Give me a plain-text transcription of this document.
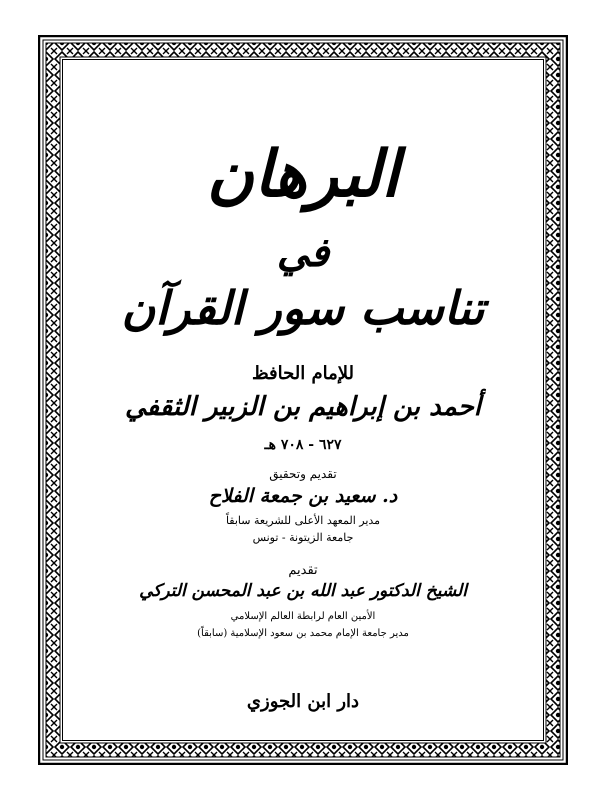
البرهان
في
تناسب سور القرآن
للإمام الحافظ
أحمد بن إبراهيم بن الزبير الثقفي
٦٢٧ - ٧٠٨ هـ
تقديم وتحقيق
د. سعيد بن جمعة الفلاح
مدير المعهد الأعلى للشريعة سابقاً
جامعة الزيتونة - تونس
تقديم
الشيخ الدكتور عبد الله بن عبد المحسن التركي
الأمين العام لرابطة العالم الإسلامي
مدير جامعة الإمام محمد بن سعود الإسلامية (سابقاً)
دار ابن الجوزي
